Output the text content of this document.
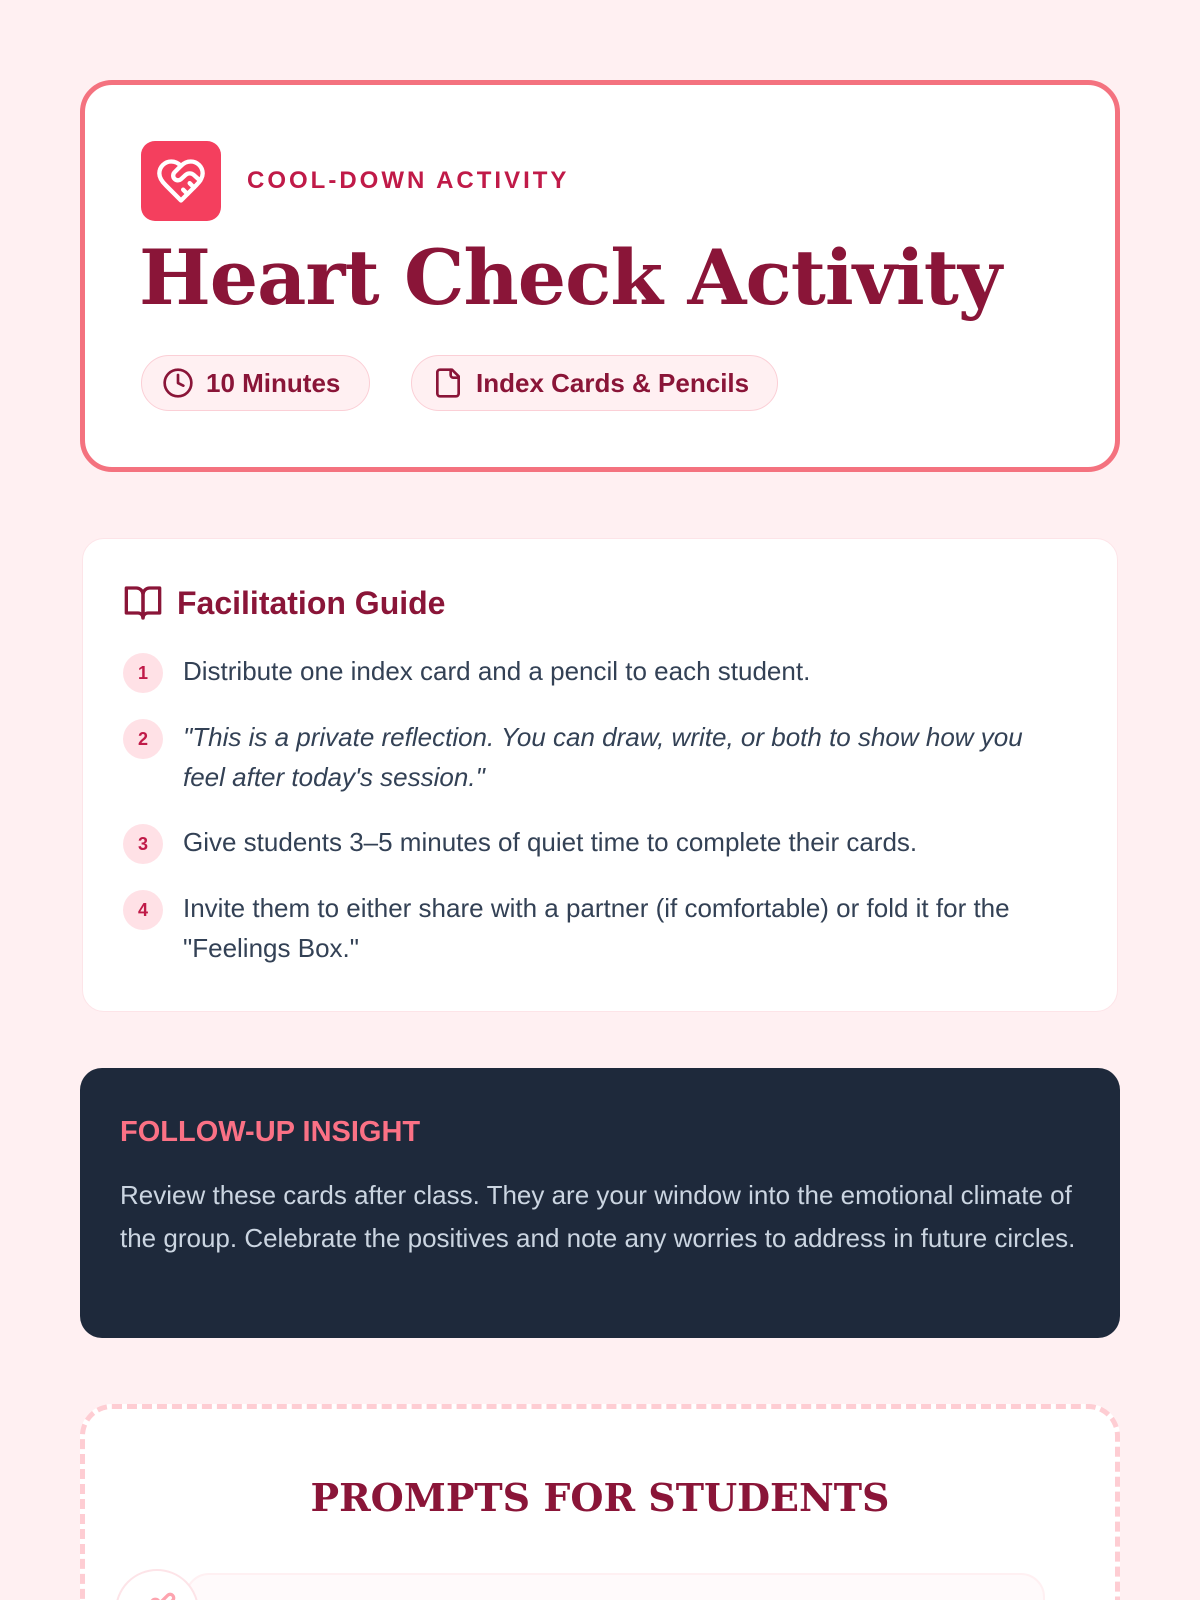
COOL-DOWN ACTIVITY
Heart Check Activity
10 Minutes	Index Cards & Pencils
Facilitation Guide
1	Distribute one index card and a pencil to each student.
2	"This is a private reflection. You can draw, write, or both to show how you feel after today's session."
3	Give students 3–5 minutes of quiet time to complete their cards.
4	Invite them to either share with a partner (if comfortable) or fold it for the "Feelings Box."
FOLLOW-UP INSIGHT

Review these cards after class. They are your window into the emotional climate of the group. Celebrate the positives and note any worries to address in future circles.

PROMPTS FOR STUDENTS
